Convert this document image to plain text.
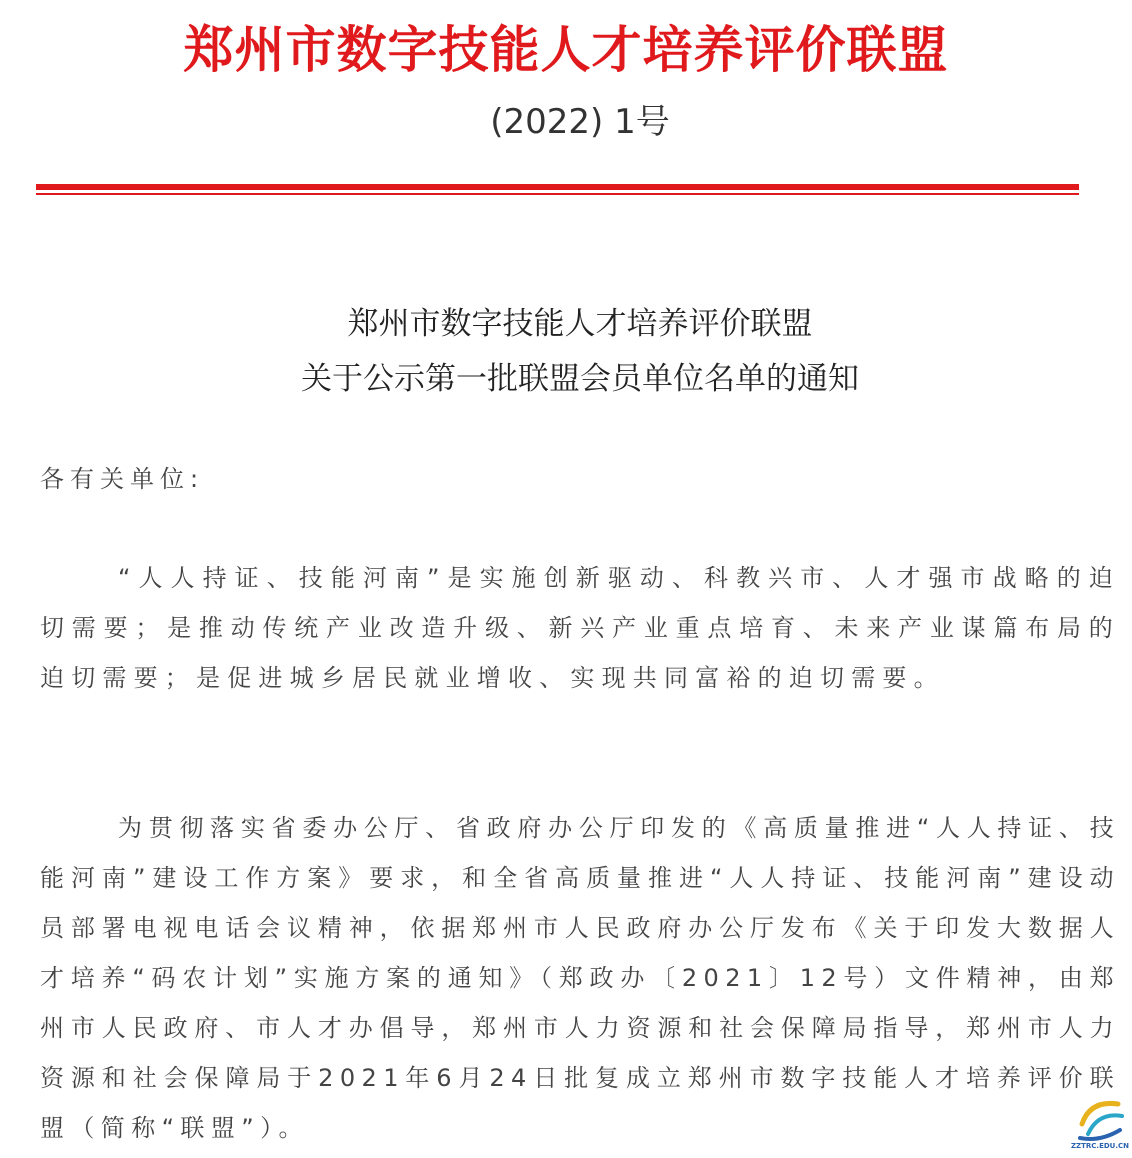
郑州市数字技能人才培养评价联盟
(2022) 1号
郑州市数字技能人才培养评价联盟
关于公示第一批联盟会员单位名单的通知
各有关单位:

“人人持证、技能河南”是实施创新驱动、科教兴市、人才强市战略的迫切需要；是推动传统产业改造升级、新兴产业重点培育、未来产业谋篇布局的迫切需要；是促进城乡居民就业增收、实现共同富裕的迫切需要。

为贯彻落实省委办公厅、省政府办公厅印发的《高质量推进“人人持证、技能河南”建设工作方案》要求，和全省高质量推进“人人持证、技能河南”建设动员部署电视电话会议精神，依据郑州市人民政府办公厅发布《关于印发大数据人才培养“码农计划”实施方案的通知》（郑政办〔2021〕12号）文件精神，由郑州市人民政府、市人才办倡导，郑州市人力资源和社会保障局指导，郑州市人力资源和社会保障局于2021年6月24日批复成立郑州市数字技能人才培养评价联盟（简称“联盟”）。

ZZTRC.EDU.CN
